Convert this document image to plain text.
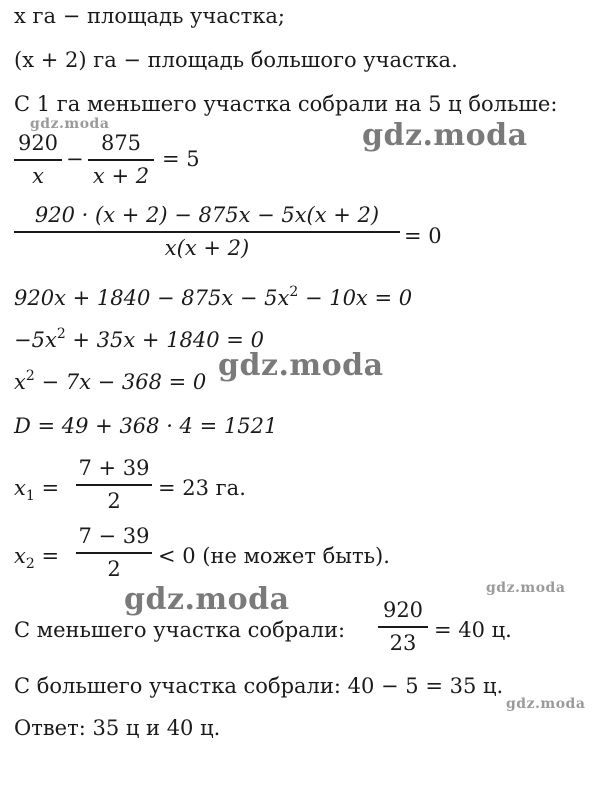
x га − площадь участка;
(x + 2) га − площадь большого участка.
С 1 га меньшего участка собрали на 5 ц больше:
920
x
−
875
x + 2
= 5
920 · (x + 2) − 875x − 5x(x + 2)
x(x + 2)	= 0
$920x + 1840 - 875x - 5x^2 - 10x = 0$
$-5x^2 + 35x + 1840 = 0$
$x^2 - 7x - 368 = 0$
D = 49 + 368 · 4 = 1521
$x_1$ =
7 + 39
2
= 23 га.
$x_2$ =
7 − 39
2
< 0 (не может быть).
С меньшего участка собрали:
920
23
= 40 ц.
С большего участка собрали: 40 − 5 = 35 ц.
Ответ: 35 ц и 40 ц.
gdz.moda	gdz.moda
gdz.moda
gdz.moda
gdz.moda
gdz.moda
